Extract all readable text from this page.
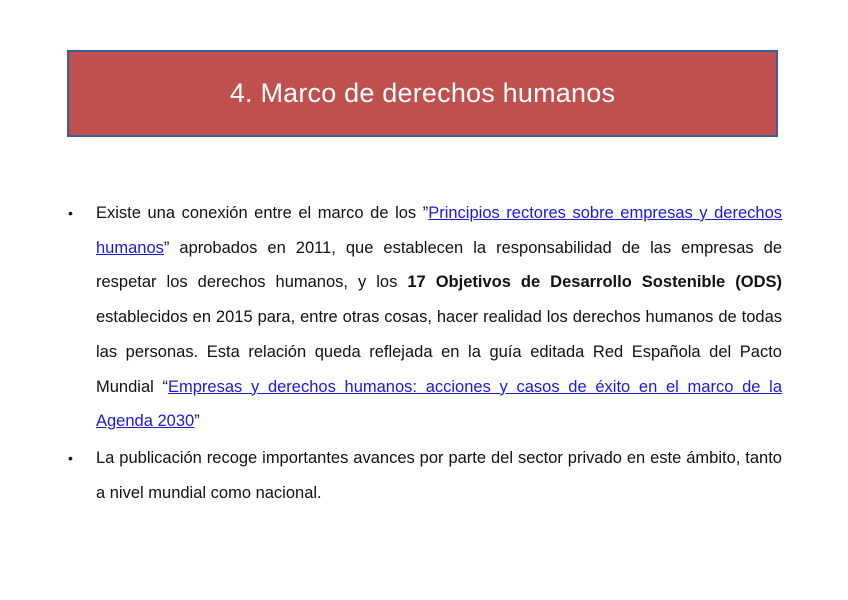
4. Marco de derechos humanos
• Existe una conexión entre el marco de los ”Principios rectores sobre empresas y derechos humanos” aprobados en 2011, que establecen la responsabilidad de las empresas de respetar los derechos humanos, y los 17 Objetivos de Desarrollo Sostenible (ODS) establecidos en 2015 para, entre otras cosas, hacer realidad los derechos humanos de todas las personas. Esta relación queda reflejada en la guía editada Red Española del Pacto Mundial “Empresas y derechos humanos: acciones y casos de éxito en el marco de la Agenda 2030”
• La publicación recoge importantes avances por parte del sector privado en este ámbito, tanto a nivel mundial como nacional.
